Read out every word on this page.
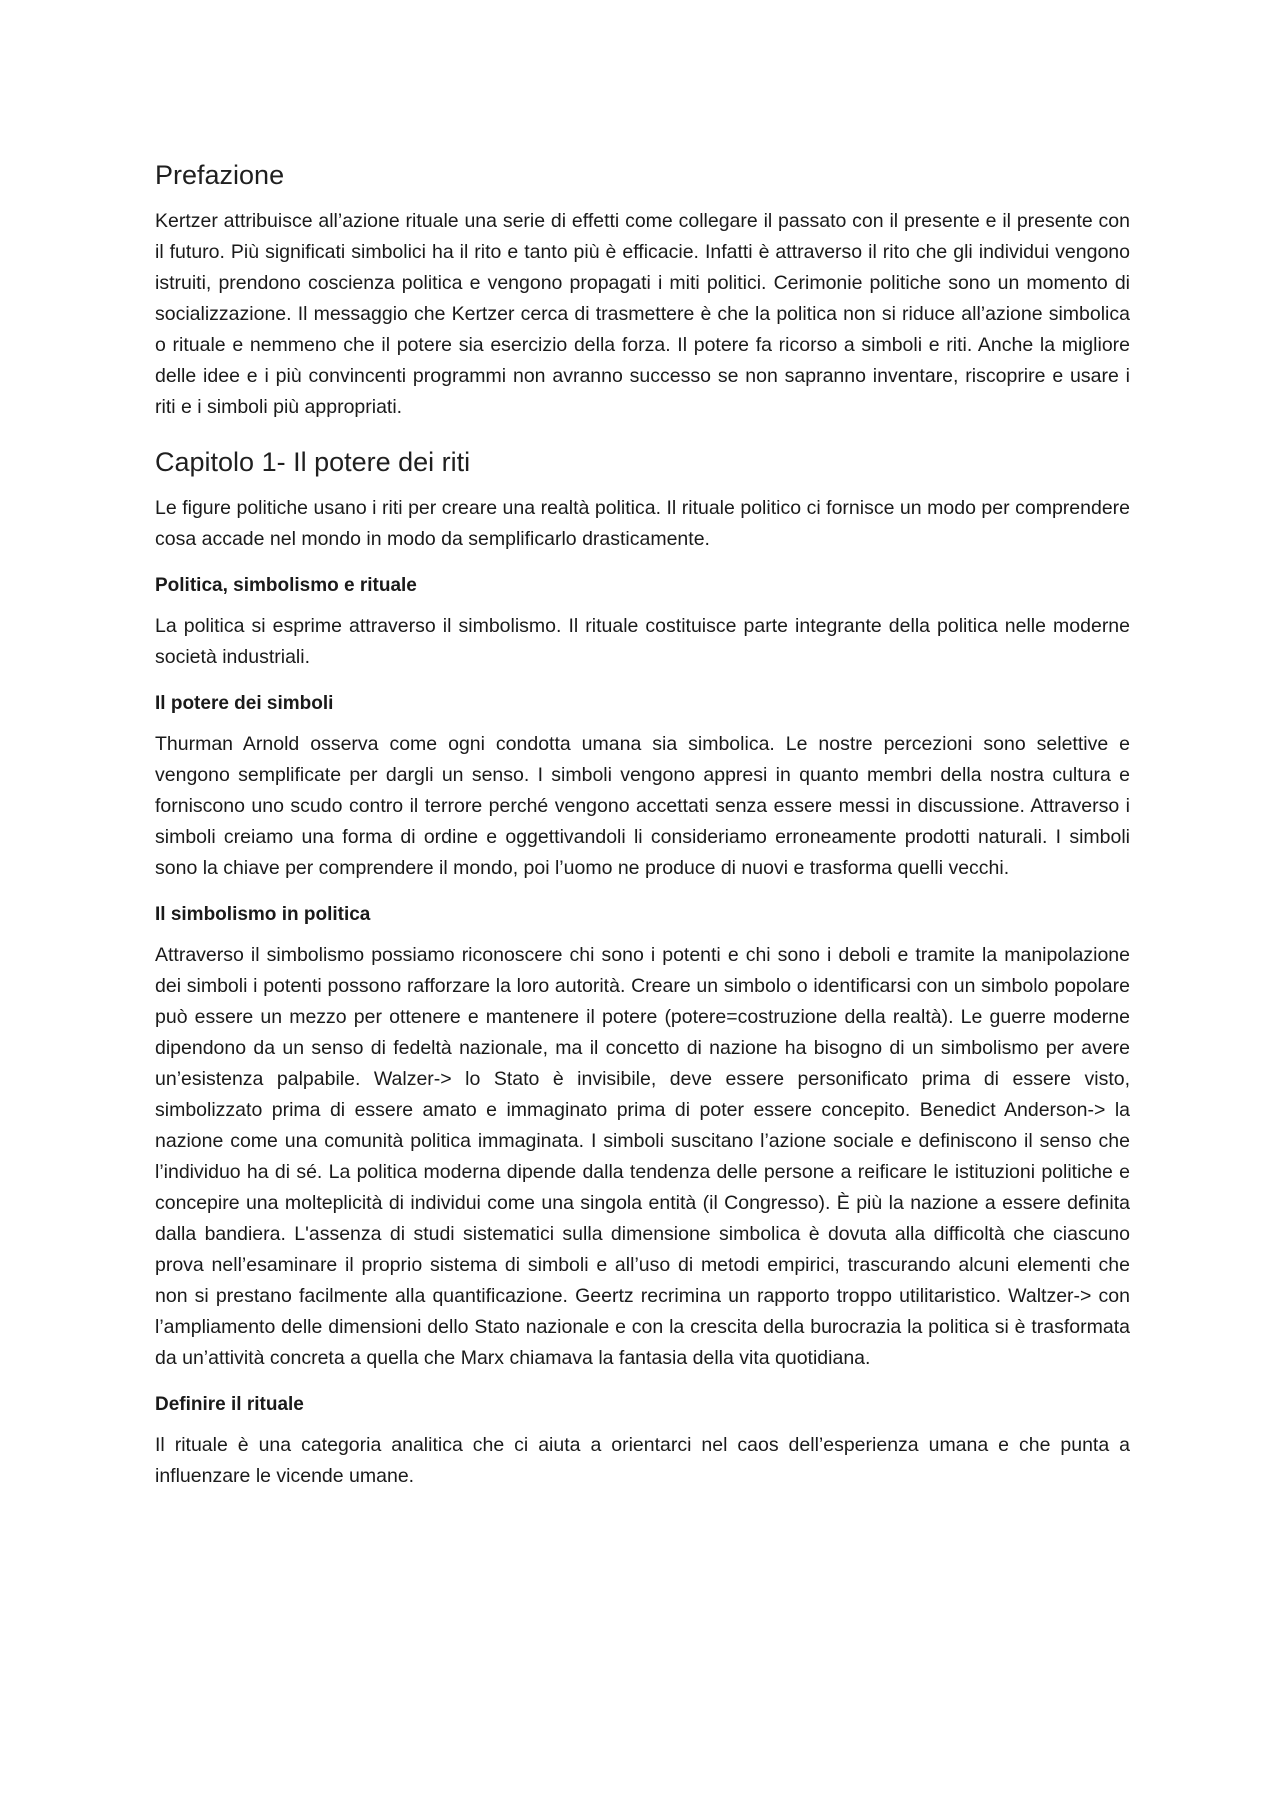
Prefazione

Kertzer attribuisce all’azione rituale una serie di effetti come collegare il passato con il presente e il presente con il futuro. Più significati simbolici ha il rito e tanto più è efficacie. Infatti è attraverso il rito che gli individui vengono istruiti, prendono coscienza politica e vengono propagati i miti politici. Cerimonie politiche sono un momento di socializzazione. Il messaggio che Kertzer cerca di trasmettere è che la politica non si riduce all’azione simbolica o rituale e nemmeno che il potere sia esercizio della forza. Il potere fa ricorso a simboli e riti. Anche la migliore delle idee e i più convincenti programmi non avranno successo se non sapranno inventare, riscoprire e usare i riti e i simboli più appropriati.

Capitolo 1- Il potere dei riti

Le figure politiche usano i riti per creare una realtà politica. Il rituale politico ci fornisce un modo per comprendere cosa accade nel mondo in modo da semplificarlo drasticamente.

Politica, simbolismo e rituale

La politica si esprime attraverso il simbolismo. Il rituale costituisce parte integrante della politica nelle moderne società industriali.

Il potere dei simboli

Thurman Arnold osserva come ogni condotta umana sia simbolica. Le nostre percezioni sono selettive e vengono semplificate per dargli un senso. I simboli vengono appresi in quanto membri della nostra cultura e forniscono uno scudo contro il terrore perché vengono accettati senza essere messi in discussione. Attraverso i simboli creiamo una forma di ordine e oggettivandoli li consideriamo erroneamente prodotti naturali. I simboli sono la chiave per comprendere il mondo, poi l’uomo ne produce di nuovi e trasforma quelli vecchi.

Il simbolismo in politica

Attraverso il simbolismo possiamo riconoscere chi sono i potenti e chi sono i deboli e tramite la manipolazione dei simboli i potenti possono rafforzare la loro autorità. Creare un simbolo o identificarsi con un simbolo popolare può essere un mezzo per ottenere e mantenere il potere (potere=costruzione della realtà). Le guerre moderne dipendono da un senso di fedeltà nazionale, ma il concetto di nazione ha bisogno di un simbolismo per avere un’esistenza palpabile. Walzer-> lo Stato è invisibile, deve essere personificato prima di essere visto, simbolizzato prima di essere amato e immaginato prima di poter essere concepito. Benedict Anderson-> la nazione come una comunità politica immaginata. I simboli suscitano l’azione sociale e definiscono il senso che l’individuo ha di sé. La politica moderna dipende dalla tendenza delle persone a reificare le istituzioni politiche e concepire una molteplicità di individui come una singola entità (il Congresso). È più la nazione a essere definita dalla bandiera. L'assenza di studi sistematici sulla dimensione simbolica è dovuta alla difficoltà che ciascuno prova nell’esaminare il proprio sistema di simboli e all’uso di metodi empirici, trascurando alcuni elementi che non si prestano facilmente alla quantificazione. Geertz recrimina un rapporto troppo utilitaristico. Waltzer-> con l’ampliamento delle dimensioni dello Stato nazionale e con la crescita della burocrazia la politica si è trasformata da un’attività concreta a quella che Marx chiamava la fantasia della vita quotidiana.

Definire il rituale

Il rituale è una categoria analitica che ci aiuta a orientarci nel caos dell’esperienza umana e che punta a influenzare le vicende umane.
